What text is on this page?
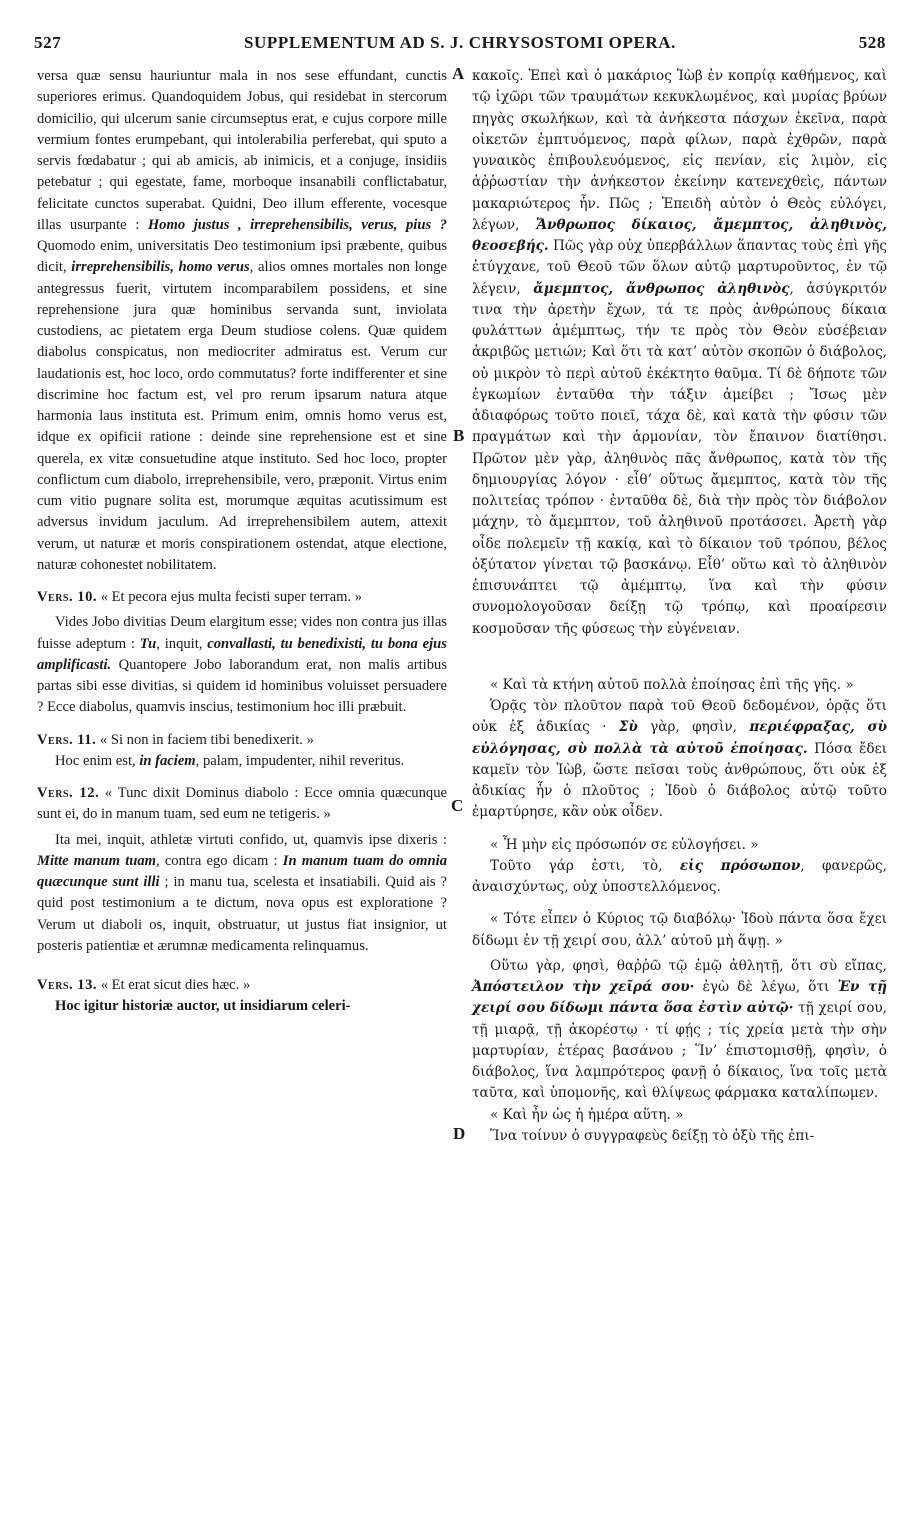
527	SUPPLEMENTUM AD S. J. CHRYSOSTOMI OPERA.	528
A
B
C
D

versa quæ sensu hauriuntur mala in nos sese effundant, cunctis superiores erimus. Quandoquidem Jobus, qui residebat in stercorum domicilio, qui ulcerum sanie circumseptus erat, e cujus corpore mille vermium fontes erumpebant, qui intolerabilia perferebat, qui sputo a servis fœdabatur ; qui ab amicis, ab inimicis, et a conjuge, insidiis petebatur ; qui egestate, fame, morboque insanabili conflictabatur, felicitate cunctos superabat. Quidni, Deo illum efferente, vocesque illas usurpante : Homo justus , irreprehensibilis, verus, pius ? Quomodo enim, universitatis Deo testimonium ipsi præbente, quibus dicit, irreprehensibilis, homo verus, alios omnes mortales non longe antegressus fuerit, virtutem incomparabilem possidens, et sine reprehensione jura quæ hominibus servanda sunt, inviolata custodiens, ac pietatem erga Deum studiose colens. Quæ quidem diabolus conspicatus, non mediocriter admiratus est. Verum cur laudationis est, hoc loco, ordo commutatus? forte indifferenter et sine discrimine hoc factum est, vel pro rerum ipsarum natura atque harmonia laus instituta est. Primum enim, omnis homo verus est, idque ex opificii ratione : deinde sine reprehensione est et sine querela, ex vitæ consuetudine atque instituto. Sed hoc loco, propter conflictum cum diabolo, irreprehensibile, vero, præponit. Virtus enim cum vitio pugnare solita est, morumque æquitas acutissimum est adversus invidum jaculum. Ad irreprehensibilem autem, attexit verum, ut naturæ et moris conspirationem ostendat, atque electione, naturæ cohonestet nobilitatem.

Vers. 10. « Et pecora ejus multa fecisti super terram. »

Vides Jobo divitias Deum elargitum esse; vides non contra jus illas fuisse adeptum : Tu, inquit, convallasti, tu benedixisti, tu bona ejus amplificasti. Quantopere Jobo laborandum erat, non malis artibus partas sibi esse divitias, si quidem id hominibus voluisset persuadere ? Ecce diabolus, quamvis inscius, testimonium hoc illi præbuit.

Vers. 11. « Si non in faciem tibi benedixerit. »

Hoc enim est, in faciem, palam, impudenter, nihil reveritus.

Vers. 12. « Tunc dixit Dominus diabolo : Ecce omnia quæcunque sunt ei, do in manum tuam, sed eum ne tetigeris. »

Ita mei, inquit, athletæ virtuti confido, ut, quamvis ipse dixeris : Mitte manum tuam, contra ego dicam : In manum tuam do omnia quæcunque sunt illi ; in manu tua, scelesta et insatiabili. Quid ais ? quid post testimonium a te dictum, nova opus est exploratione ? Verum ut diaboli os, inquit, obstruatur, ut justus fiat insignior, ut posteris patientiæ et ærumnæ medicamenta relinquamus.

Vers. 13. « Et erat sicut dies hæc. »

Hoc igitur historiæ auctor, ut insidiarum celeri-

κακοῖς. Ἐπεὶ καὶ ὁ μακάριος Ἰὼβ ἐν κοπρίᾳ καθήμενος, καὶ τῷ ἰχῶρι τῶν τραυμάτων κεκυκλωμένος, καὶ μυρίας βρύων πηγὰς σκωλήκων, καὶ τὰ ἀνήκεστα πάσχων ἐκεῖνα, παρὰ οἰκετῶν ἐμπτυόμενος, παρὰ φίλων, παρὰ ἐχθρῶν, παρὰ γυναικὸς ἐπιβουλευόμενος, εἰς πενίαν, εἰς λιμὸν, εἰς ἀῤῥωστίαν τὴν ἀνήκεστον ἐκείνην κατενεχθεὶς, πάντων μακαριώτερος ἦν. Πῶς ; Ἐπειδὴ αὐτὸν ὁ Θεὸς εὐλόγει, λέγων, Ἄνθρωπος δίκαιος, ἄμεμπτος, ἀληθινὸς, θεοσεβής. Πῶς γὰρ οὐχ ὑπερβάλλων ἅπαντας τοὺς ἐπὶ γῆς ἐτύγχανε, τοῦ Θεοῦ τῶν ὅλων αὐτῷ μαρτυροῦντος, ἐν τῷ λέγειν, ἄμεμπτος, ἄνθρωπος ἀληθινὸς, ἀσύγκριτόν τινα τὴν ἀρετὴν ἔχων, τά τε πρὸς ἀνθρώπους δίκαια φυλάττων ἀμέμπτως, τήν τε πρὸς τὸν Θεὸν εὐσέβειαν ἀκριβῶς μετιών; Καὶ ὅτι τὰ κατ’ αὐτὸν σκοπῶν ὁ διάβολος, οὐ μικρὸν τὸ περὶ αὐτοῦ ἐκέκτητο θαῦμα. Τί δὲ δήποτε τῶν ἐγκωμίων ἐνταῦθα τὴν τάξιν ἀμείβει ; Ἴσως μὲν ἀδιαφόρως τοῦτο ποιεῖ, τάχα δὲ, καὶ κατὰ τὴν φύσιν τῶν πραγμάτων καὶ τὴν ἁρμονίαν, τὸν ἔπαινον διατίθησι. Πρῶτον μὲν γὰρ, ἀληθινὸς πᾶς ἄνθρωπος, κατὰ τὸν τῆς δημιουργίας λόγον · εἶθ’ οὕτως ἄμεμπτος, κατὰ τὸν τῆς πολιτείας τρόπον · ἐνταῦθα δὲ, διὰ τὴν πρὸς τὸν διάβολον μάχην, τὸ ἄμεμπτον, τοῦ ἀληθινοῦ προτάσσει. Ἀρετὴ γὰρ οἶδε πολεμεῖν τῇ κακίᾳ, καὶ τὸ δίκαιον τοῦ τρόπου, βέλος ὀξύτατον γίνεται τῷ βασκάνῳ. Εἶθ’ οὕτω καὶ τὸ ἀληθινὸν ἐπισυνάπτει τῷ ἀμέμπτῳ, ἵνα καὶ τὴν φύσιν συνομολογοῦσαν δείξῃ τῷ τρόπῳ, καὶ προαίρεσιν κοσμοῦσαν τῆς φύσεως τὴν εὐγένειαν.

« Καὶ τὰ κτήνη αὐτοῦ πολλὰ ἐποίησας ἐπὶ τῆς γῆς. »

Ὁρᾷς τὸν πλοῦτον παρὰ τοῦ Θεοῦ δεδομένον, ὁρᾷς ὅτι οὐκ ἐξ ἀδικίας · Σὺ γὰρ, φησὶν, περιέφραξας, σὺ εὐλόγησας, σὺ πολλὰ τὰ αὐτοῦ ἐποίησας. Πόσα ἔδει καμεῖν τὸν Ἰὼβ, ὥστε πεῖσαι τοὺς ἀνθρώπους, ὅτι οὐκ ἐξ ἀδικίας ἦν ὁ πλοῦτος ; Ἰδοὺ ὁ διάβολος αὐτῷ τοῦτο ἐμαρτύρησε, κἂν οὐκ οἶδεν.

« Ἦ μὴν εἰς πρόσωπόν σε εὐλογήσει. »

Τοῦτο γάρ ἐστι, τὸ, εἰς πρόσωπον, φανερῶς, ἀναισχύντως, οὐχ ὑποστελλόμενος.

« Τότε εἶπεν ὁ Κύριος τῷ διαβόλῳ· Ἰδοὺ πάντα ὅσα ἔχει δίδωμι ἐν τῇ χειρί σου, ἀλλ’ αὐτοῦ μὴ ἅψῃ. »

Οὕτω γὰρ, φησὶ, θαῤῥῶ τῷ ἐμῷ ἀθλητῇ, ὅτι σὺ εἴπας, Ἀπόστειλον τὴν χεῖρά σου· ἐγὼ δὲ λέγω, ὅτι Ἐν τῇ χειρί σου δίδωμι πάντα ὅσα ἐστὶν αὐτῷ· τῇ χειρί σου, τῇ μιαρᾷ, τῇ ἀκορέστῳ · τί φῄς ; τίς χρεία μετὰ τὴν σὴν μαρτυρίαν, ἑτέρας βασάνου ; Ἵν’ ἐπιστομισθῇ, φησὶν, ὁ διάβολος, ἵνα λαμπρότερος φανῇ ὁ δίκαιος, ἵνα τοῖς μετὰ ταῦτα, καὶ ὑπομονῆς, καὶ θλίψεως φάρμακα καταλίπωμεν.

« Καὶ ἦν ὡς ἡ ἡμέρα αὕτη. »

Ἵνα τοίνυν ὁ συγγραφεὺς δείξῃ τὸ ὀξὺ τῆς ἐπι-
